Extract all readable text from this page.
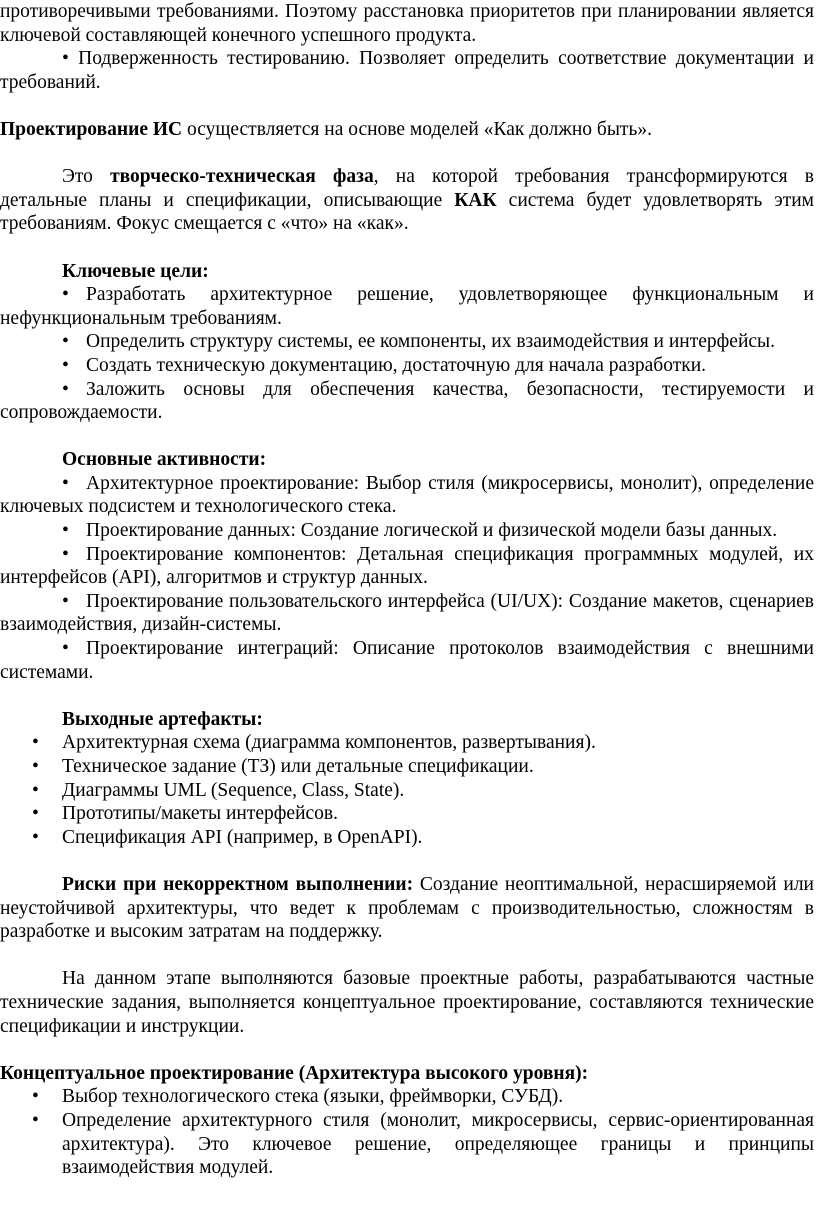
противоречивыми требованиями. Поэтому расстановка приоритетов при планировании является ключевой составляющей конечного успешного продукта.

• Подверженность тестированию. Позволяет определить соответствие документации и требований.

Проектирование ИС осуществляется на основе моделей «Как должно быть».

Это творческо-техническая фаза, на которой требования трансформируются в детальные планы и спецификации, описывающие КАК система будет удовлетворять этим требованиям. Фокус смещается с «что» на «как».

Ключевые цели:

• Разработать архитектурное решение, удовлетворяющее функциональным и нефункциональным требованиям.

• Определить структуру системы, ее компоненты, их взаимодействия и интерфейсы.

• Создать техническую документацию, достаточную для начала разработки.

• Заложить основы для обеспечения качества, безопасности, тестируемости и сопровождаемости.

Основные активности:

• Архитектурное проектирование: Выбор стиля (микросервисы, монолит), определение ключевых подсистем и технологического стека.

• Проектирование данных: Создание логической и физической модели базы данных.

• Проектирование компонентов: Детальная спецификация программных модулей, их интерфейсов (API), алгоритмов и структур данных.

• Проектирование пользовательского интерфейса (UI/UX): Создание макетов, сценариев взаимодействия, дизайн-системы.

• Проектирование интеграций: Описание протоколов взаимодействия с внешними системами.

Выходные артефакты:

• Архитектурная схема (диаграмма компонентов, развертывания).

• Техническое задание (ТЗ) или детальные спецификации.

• Диаграммы UML (Sequence, Class, State).

• Прототипы/макеты интерфейсов.

• Спецификация API (например, в OpenAPI).

Риски при некорректном выполнении: Создание неоптимальной, нерасширяемой или неустойчивой архитектуры, что ведет к проблемам с производительностью, сложностям в разработке и высоким затратам на поддержку.

На данном этапе выполняются базовые проектные работы, разрабатываются частные технические задания, выполняется концептуальное проектирование, составляются технические спецификации и инструкции.

Концептуальное проектирование (Архитектура высокого уровня):

• Выбор технологического стека (языки, фреймворки, СУБД).

• Определение архитектурного стиля (монолит, микросервисы, сервис-ориентированная архитектура). Это ключевое решение, определяющее границы и принципы взаимодействия модулей.
